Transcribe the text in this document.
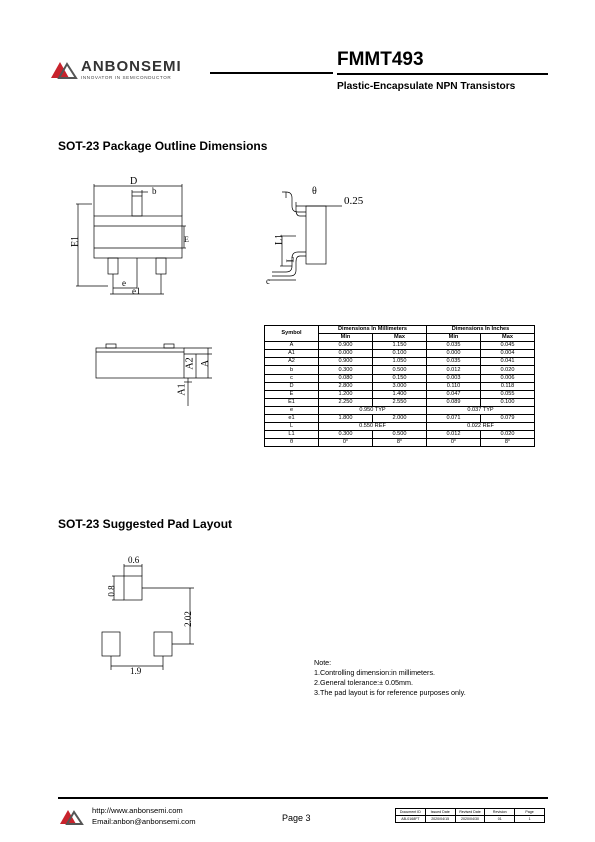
ANBONSEMI
INNOVATOR IN SEMICONDUCTOR
FMMT493
Plastic-Encapsulate NPN Transistors
SOT-23 Package Outline Dimensions
D
b
E
e
e1
E1
0.25
θ
c
L1
L
A1
A2 A
Symbol	Dimensions In Millimeters		Dimensions In Inches	
	Min	Max	Min	Max
A	0.900	1.150	0.035	0.045
A1	0.000	0.100	0.000	0.004
A2	0.900	1.050	0.035	0.041
b	0.300	0.500	0.012	0.020
c	0.080	0.150	0.003	0.006
D	2.800	3.000	0.110	0.118
E	1.200	1.400	0.047	0.055
E1	2.250	2.550	0.089	0.100
e	0.950 TYP		0.037 TYP	
e1	1.800	2.000	0.071	0.079
L	0.550 REF		0.022 REF	
L1	0.300	0.500	0.012	0.020
θ	0°	8°	0°	8°
SOT-23 Suggested Pad Layout
0.6
1.9
0.8
2.02
Note:
1.Controlling dimension:in millimeters.
2.General tolerance:± 0.05mm.
3.The pad layout is for reference purposes only.
http://www.anbonsemi.com
Email:anbon@anbonsemi.com	Page 3
Document ID	Issued Date	Revised Date	Revision	Page
AB-0168FT	2020/04/15	2020/04/30	01	1
